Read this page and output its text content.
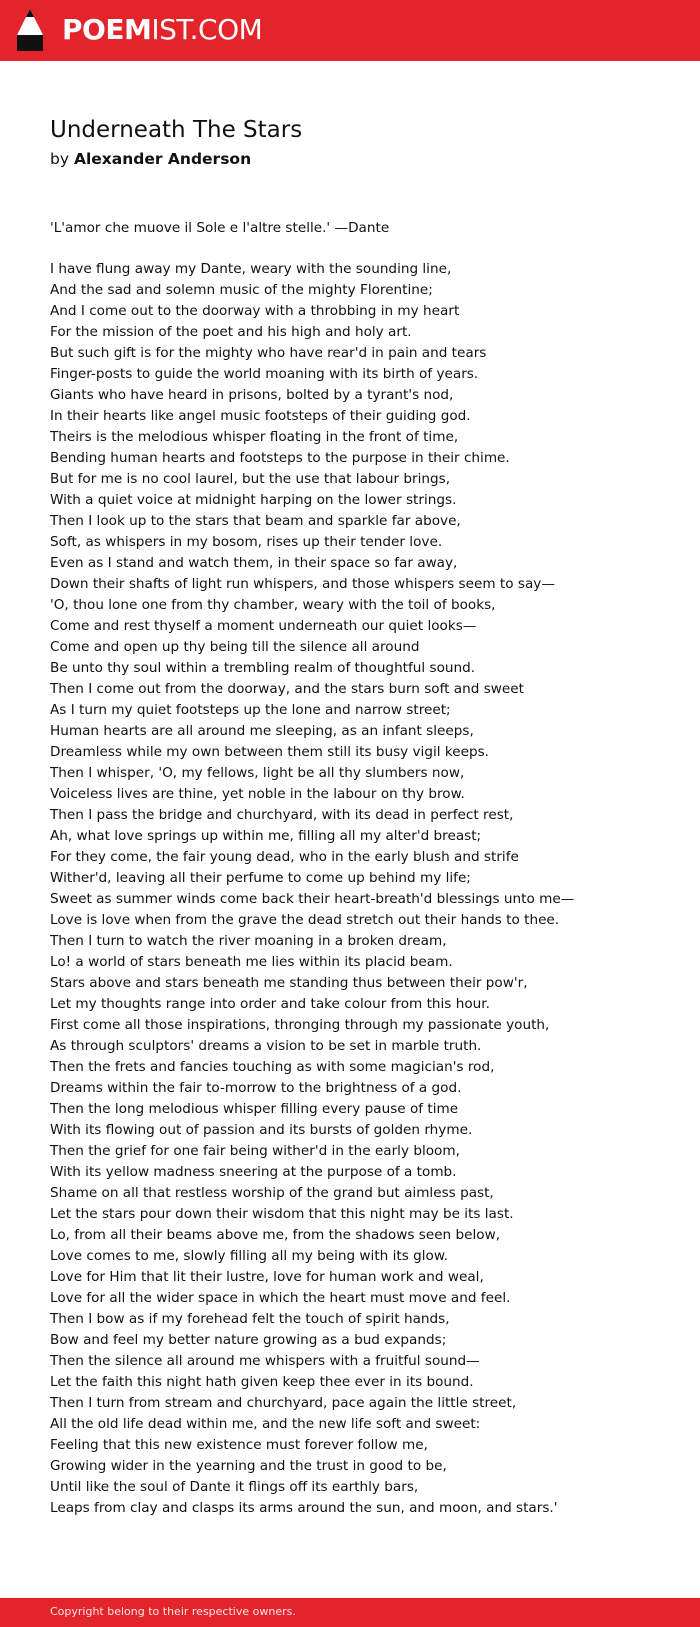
POEMIST.COM
Underneath The Stars
by Alexander Anderson
'L'amor che muove il Sole e l'altre stelle.' —Dante
I have flung away my Dante, weary with the sounding line,
And the sad and solemn music of the mighty Florentine;
And I come out to the doorway with a throbbing in my heart
For the mission of the poet and his high and holy art.
But such gift is for the mighty who have rear'd in pain and tears
Finger-posts to guide the world moaning with its birth of years.
Giants who have heard in prisons, bolted by a tyrant's nod,
In their hearts like angel music footsteps of their guiding god.
Theirs is the melodious whisper floating in the front of time,
Bending human hearts and footsteps to the purpose in their chime.
But for me is no cool laurel, but the use that labour brings,
With a quiet voice at midnight harping on the lower strings.
Then I look up to the stars that beam and sparkle far above,
Soft, as whispers in my bosom, rises up their tender love.
Even as I stand and watch them, in their space so far away,
Down their shafts of light run whispers, and those whispers seem to say—
'O, thou lone one from thy chamber, weary with the toil of books,
Come and rest thyself a moment underneath our quiet looks—
Come and open up thy being till the silence all around
Be unto thy soul within a trembling realm of thoughtful sound.
Then I come out from the doorway, and the stars burn soft and sweet
As I turn my quiet footsteps up the lone and narrow street;
Human hearts are all around me sleeping, as an infant sleeps,
Dreamless while my own between them still its busy vigil keeps.
Then I whisper, 'O, my fellows, light be all thy slumbers now,
Voiceless lives are thine, yet noble in the labour on thy brow.
Then I pass the bridge and churchyard, with its dead in perfect rest,
Ah, what love springs up within me, filling all my alter'd breast;
For they come, the fair young dead, who in the early blush and strife
Wither'd, leaving all their perfume to come up behind my life;
Sweet as summer winds come back their heart-breath'd blessings unto me—
Love is love when from the grave the dead stretch out their hands to thee.
Then I turn to watch the river moaning in a broken dream,
Lo! a world of stars beneath me lies within its placid beam.
Stars above and stars beneath me standing thus between their pow'r,
Let my thoughts range into order and take colour from this hour.
First come all those inspirations, thronging through my passionate youth,
As through sculptors' dreams a vision to be set in marble truth.
Then the frets and fancies touching as with some magician's rod,
Dreams within the fair to-morrow to the brightness of a god.
Then the long melodious whisper filling every pause of time
With its flowing out of passion and its bursts of golden rhyme.
Then the grief for one fair being wither'd in the early bloom,
With its yellow madness sneering at the purpose of a tomb.
Shame on all that restless worship of the grand but aimless past,
Let the stars pour down their wisdom that this night may be its last.
Lo, from all their beams above me, from the shadows seen below,
Love comes to me, slowly filling all my being with its glow.
Love for Him that lit their lustre, love for human work and weal,
Love for all the wider space in which the heart must move and feel.
Then I bow as if my forehead felt the touch of spirit hands,
Bow and feel my better nature growing as a bud expands;
Then the silence all around me whispers with a fruitful sound—
Let the faith this night hath given keep thee ever in its bound.
Then I turn from stream and churchyard, pace again the little street,
All the old life dead within me, and the new life soft and sweet:
Feeling that this new existence must forever follow me,
Growing wider in the yearning and the trust in good to be,
Until like the soul of Dante it flings off its earthly bars,
Leaps from clay and clasps its arms around the sun, and moon, and stars.'
Copyright belong to their respective owners.
